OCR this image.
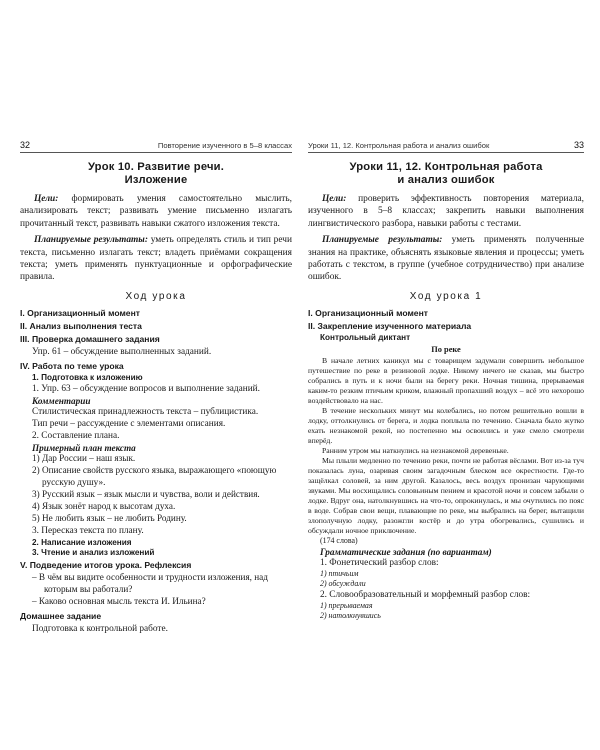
32	Повторение изученного в 5–8 классах
Урок 10. Развитие речи.
Изложение

Цели: формировать умения самостоятельно мыслить, анализировать текст; развивать умение письменно излагать прочитанный текст, развивать навыки сжатого изложения текста.

Планируемые результаты: уметь определять стиль и тип речи текста, письменно излагать текст; владеть приёмами сокращения текста; уметь применять пунктуационные и орфографические правила.

Ход урока
I. Организационный момент
II. Анализ выполнения теста
III. Проверка домашнего задания
Упр. 61 – обсуждение выполненных заданий.
IV. Работа по теме урока
1. Подготовка к изложению
1. Упр. 63 – обсуждение вопросов и выполнение заданий.
Комментарии
Стилистическая принадлежность текста – публицистика.
Тип речи – рассуждение с элементами описания.
2. Составление плана.
Примерный план текста
1) Дар России – наш язык.
2) Описание свойств русского языка, выражающего «поющую русскую душу».
3) Русский язык – язык мысли и чувства, воли и действия.
4) Язык зонёт народ к высотам духа.
5) Не любить язык – не любить Родину.
3. Пересказ текста по плану.
2. Написание изложения
3. Чтение и анализ изложений
V. Подведение итогов урока. Рефлексия
– В чём вы видите особенности и трудности изложения, над которым вы работали?
– Каково основная мысль текста И. Ильина?
Домашнее задание
Подготовка к контрольной работе.
Уроки 11, 12. Контрольная работа и анализ ошибок	33
Уроки 11, 12. Контрольная работа
и анализ ошибок

Цели: проверить эффективность повторения материала, изученного в 5–8 классах; закрепить навыки выполнения лингвистического разбора, навыки работы с тестами.

Планируемые результаты: уметь применять полученные знания на практике, объяснять языковые явления и процессы; уметь работать с текстом, в группе (учебное сотрудничество) при анализе ошибок.

Ход урока 1
I. Организационный момент
II. Закрепление изученного материала
Контрольный диктант
По реке

В начале летних каникул мы с товарищем задумали совершить небольшое путешествие по реке в резиновой лодке. Никому ничего не сказав, мы быстро собрались в путь и к ночи были на берегу реки. Ночная тишина, прерываемая каким-то резким птичьим криком, влажный пропахший воздух – всё это нехорошо воздействовало на нас.

В течение нескольких минут мы колебались, но потом решительно вошли в лодку, оттолкнулись от берега, и лодка поплыла по течению. Сначала было жутко ехать незнакомой рекой, но постепенно мы освоились и уже смело смотрели вперёд.

Ранним утром мы наткнулись на незнакомой деревеньке.

Мы плыли медленно по течению реки, почти не работая вёслами. Вот из-за туч показалась луна, озаривая своим загадочным блеском все окрестности. Где-то защёлкал соловей, за ним другой. Казалось, весь воздух пронизан чарующими звуками. Мы восхищались соловьиным пением и красотой ночи и совсем забыли о лодке. Вдруг она, натолкнувшись на что-то, опрокинулась, и мы очутились по пояс в воде. Собрав свои вещи, плавающие по реке, мы выбрались на берег, вытащили злополучную лодку, разожгли костёр и до утра обогревались, сушились и обсуждали ночное приключение.

(174 слова)
Грамматические задания (по вариантам)
1. Фонетический разбор слов:
1) птичьим
2) обсуждали
2. Словообразовательный и морфемный разбор слов:
1) прерываемая
2) натолкнувшись
